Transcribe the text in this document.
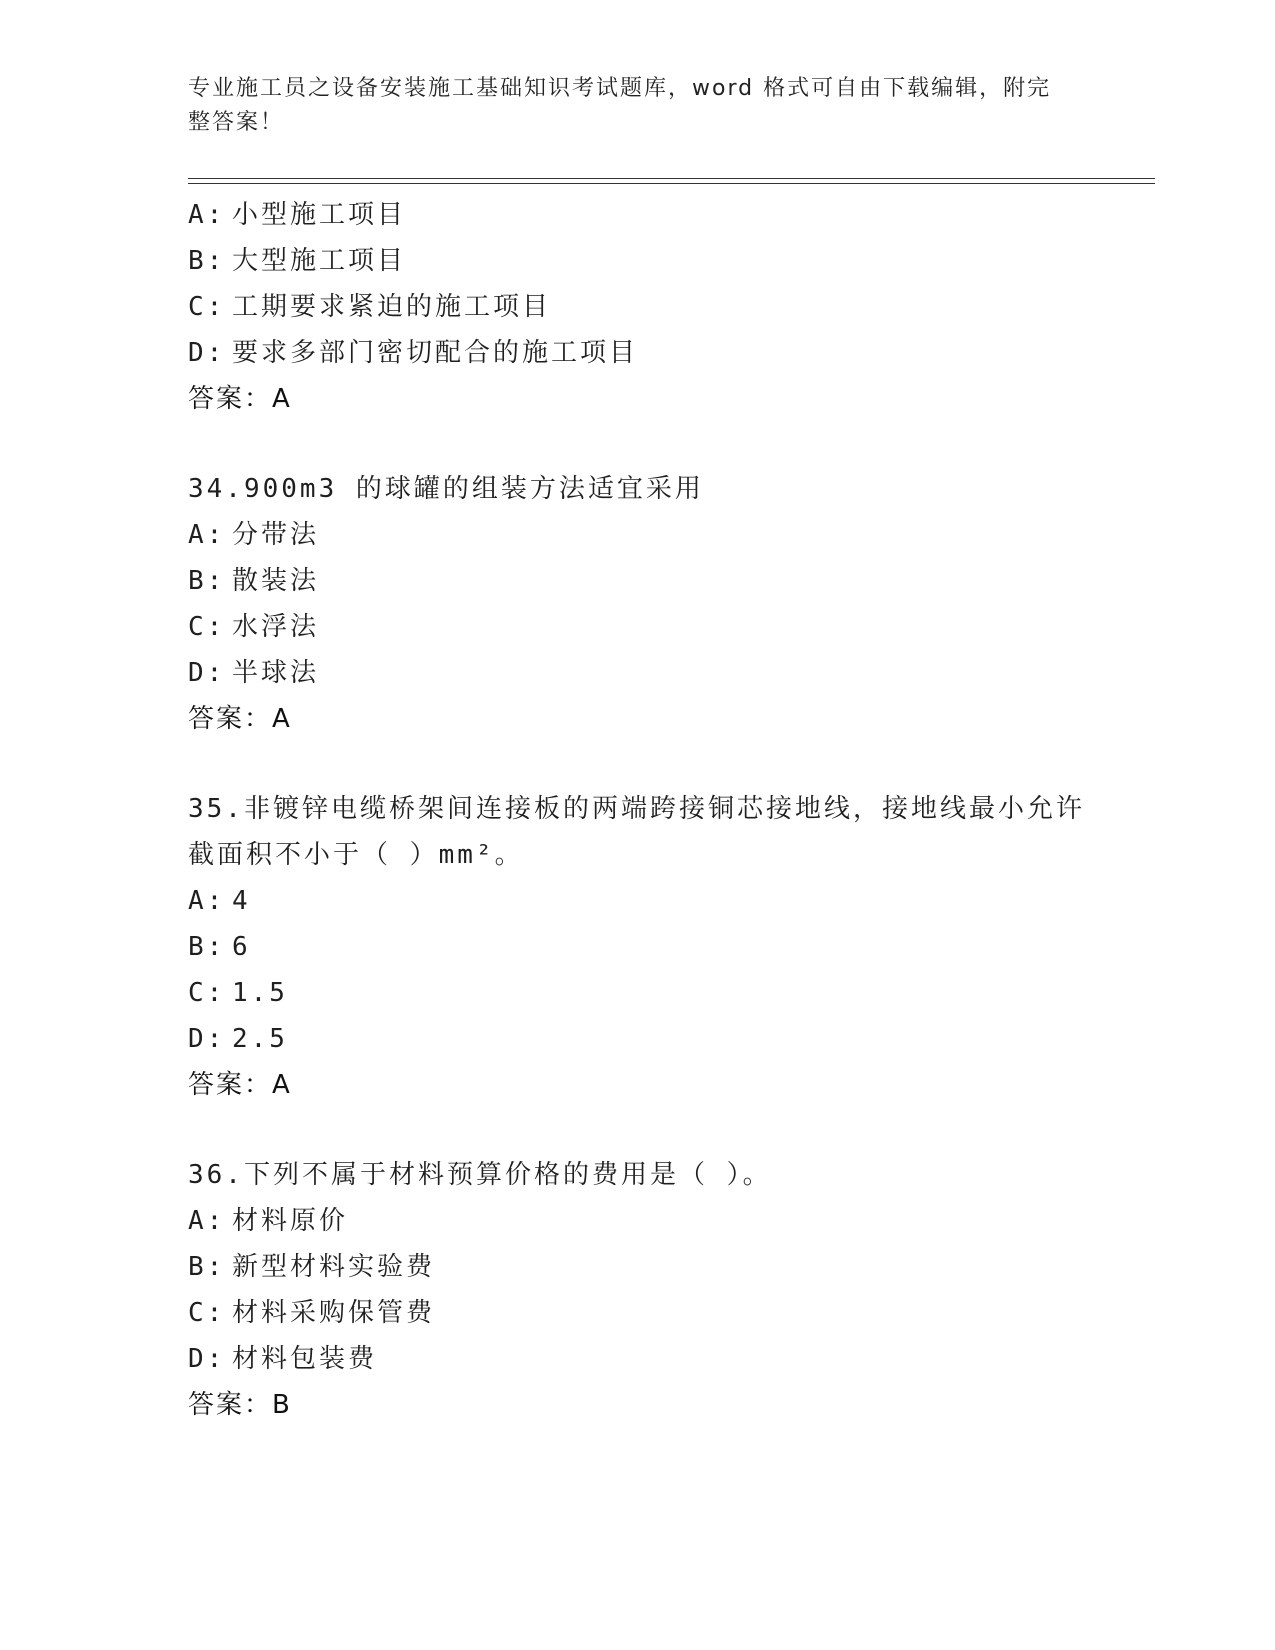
专业施工员之设备安装施工基础知识考试题库，word 格式可自由下载编辑，附完
整答案！
A: 小型施工项目
B: 大型施工项目
C: 工期要求紧迫的施工项目
D: 要求多部门密切配合的施工项目
答案：A
34.900m3 的球罐的组装方法适宜采用
A: 分带法
B: 散装法
C: 水浮法
D: 半球法
答案：A
35.非镀锌电缆桥架间连接板的两端跨接铜芯接地线，接地线最小允许
截面积不小于（ ）mm²。
A: 4
B: 6
C: 1.5
D: 2.5
答案：A
36.下列不属于材料预算价格的费用是（ ）。
A: 材料原价
B: 新型材料实验费
C: 材料采购保管费
D: 材料包装费
答案：B
